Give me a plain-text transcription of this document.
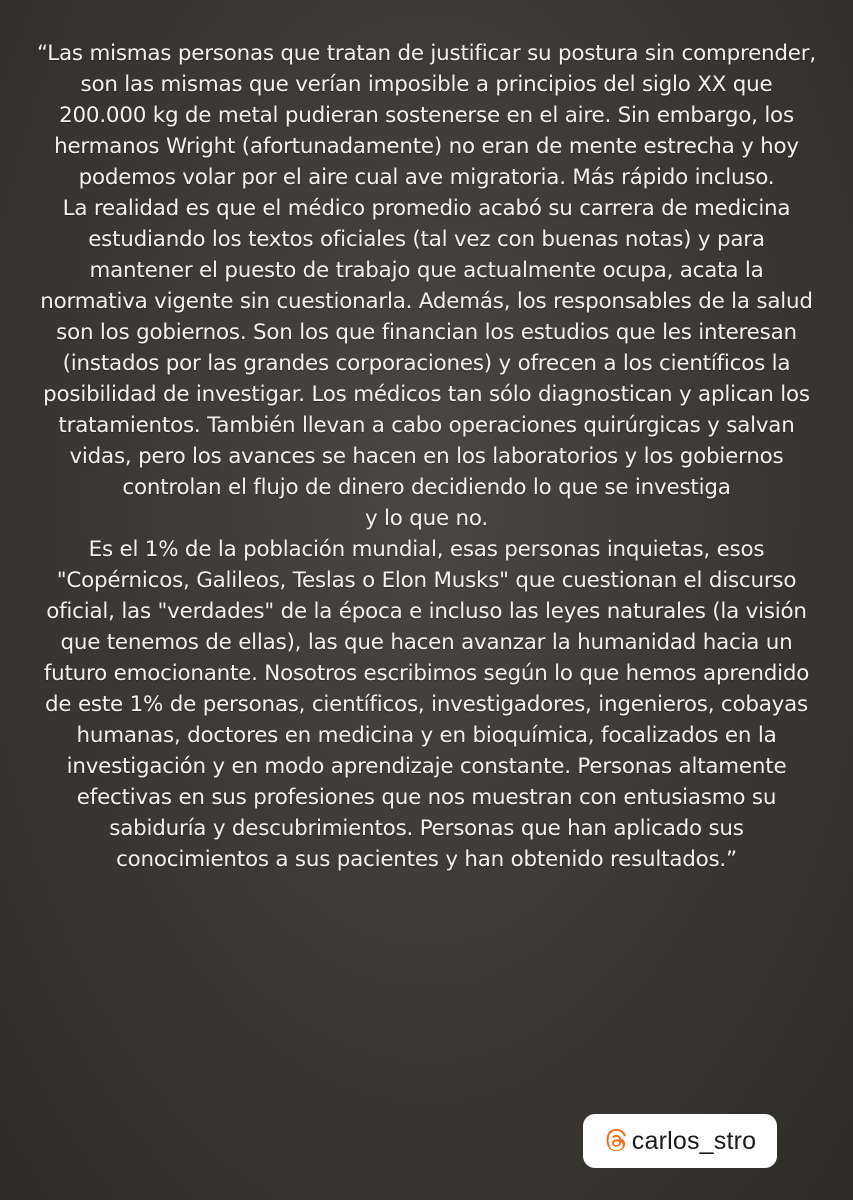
“Las mismas personas que tratan de justificar su postura sin comprender, son las mismas que verían imposible a principios del siglo XX que 200.000 kg de metal pudieran sostenerse en el aire. Sin embargo, los hermanos Wright (afortunadamente) no eran de mente estrecha y hoy podemos volar por el aire cual ave migratoria. Más rápido incluso.

La realidad es que el médico promedio acabó su carrera de medicina estudiando los textos oficiales (tal vez con buenas notas) y para mantener el puesto de trabajo que actualmente ocupa, acata la normativa vigente sin cuestionarla. Además, los responsables de la salud son los gobiernos. Son los que financian los estudios que les interesan (instados por las grandes corporaciones) y ofrecen a los científicos la posibilidad de investigar. Los médicos tan sólo diagnostican y aplican los tratamientos. También llevan a cabo operaciones quirúrgicas y salvan vidas, pero los avances se hacen en los laboratorios y los gobiernos controlan el flujo de dinero decidiendo lo que se investiga

y lo que no.

Es el 1% de la población mundial, esas personas inquietas, esos "Copérnicos, Galileos, Teslas o Elon Musks" que cuestionan el discurso oficial, las "verdades" de la época e incluso las leyes naturales (la visión que tenemos de ellas), las que hacen avanzar la humanidad hacia un futuro emocionante. Nosotros escribimos según lo que hemos aprendido de este 1% de personas, científicos, investigadores, ingenieros, cobayas humanas, doctores en medicina y en bioquímica, focalizados en la investigación y en modo aprendizaje constante. Personas altamente efectivas en sus profesiones que nos muestran con entusiasmo su sabiduría y descubrimientos. Personas que han aplicado sus conocimientos a sus pacientes y han obtenido resultados.”

carlos_stro
